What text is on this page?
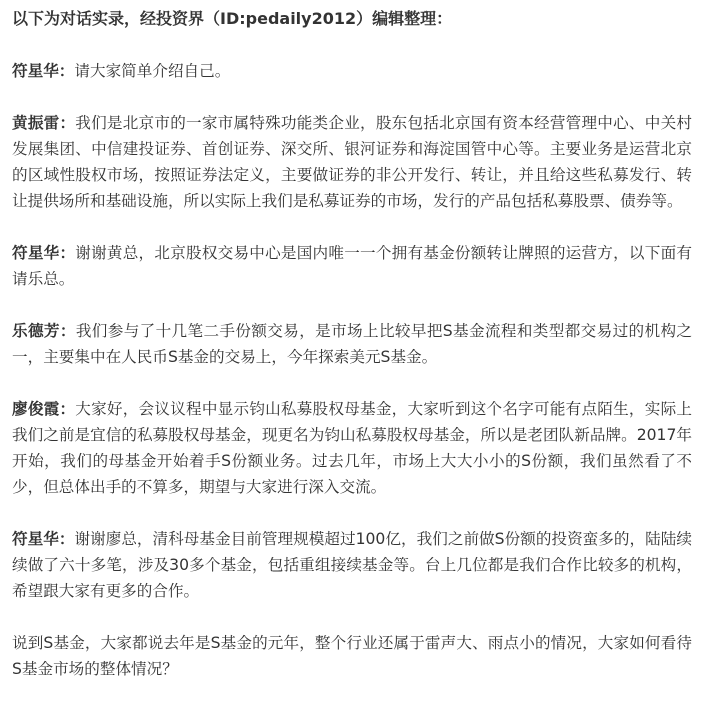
以下为对话实录，经投资界（ID:pedaily2012）编辑整理：

符星华：请大家简单介绍自己。

黄振雷：我们是北京市的一家市属特殊功能类企业，股东包括北京国有资本经营管理中心、中关村发展集团、中信建投证券、首创证券、深交所、银河证券和海淀国管中心等。主要业务是运营北京的区域性股权市场，按照证券法定义，主要做证券的非公开发行、转让，并且给这些私募发行、转让提供场所和基础设施，所以实际上我们是私募证券的市场，发行的产品包括私募股票、债券等。

符星华：谢谢黄总，北京股权交易中心是国内唯一一个拥有基金份额转让牌照的运营方，以下面有请乐总。

乐德芳：我们参与了十几笔二手份额交易，是市场上比较早把S基金流程和类型都交易过的机构之一，主要集中在人民币S基金的交易上，今年探索美元S基金。

廖俊霞：大家好，会议议程中显示钧山私募股权母基金，大家听到这个名字可能有点陌生，实际上我们之前是宜信的私募股权母基金，现更名为钧山私募股权母基金，所以是老团队新品牌。2017年开始，我们的母基金开始着手S份额业务。过去几年，市场上大大小小的S份额，我们虽然看了不少，但总体出手的不算多，期望与大家进行深入交流。

符星华：谢谢廖总，清科母基金目前管理规模超过100亿，我们之前做S份额的投资蛮多的，陆陆续续做了六十多笔，涉及30多个基金，包括重组接续基金等。台上几位都是我们合作比较多的机构，希望跟大家有更多的合作。

说到S基金，大家都说去年是S基金的元年，整个行业还属于雷声大、雨点小的情况，大家如何看待S基金市场的整体情况？
